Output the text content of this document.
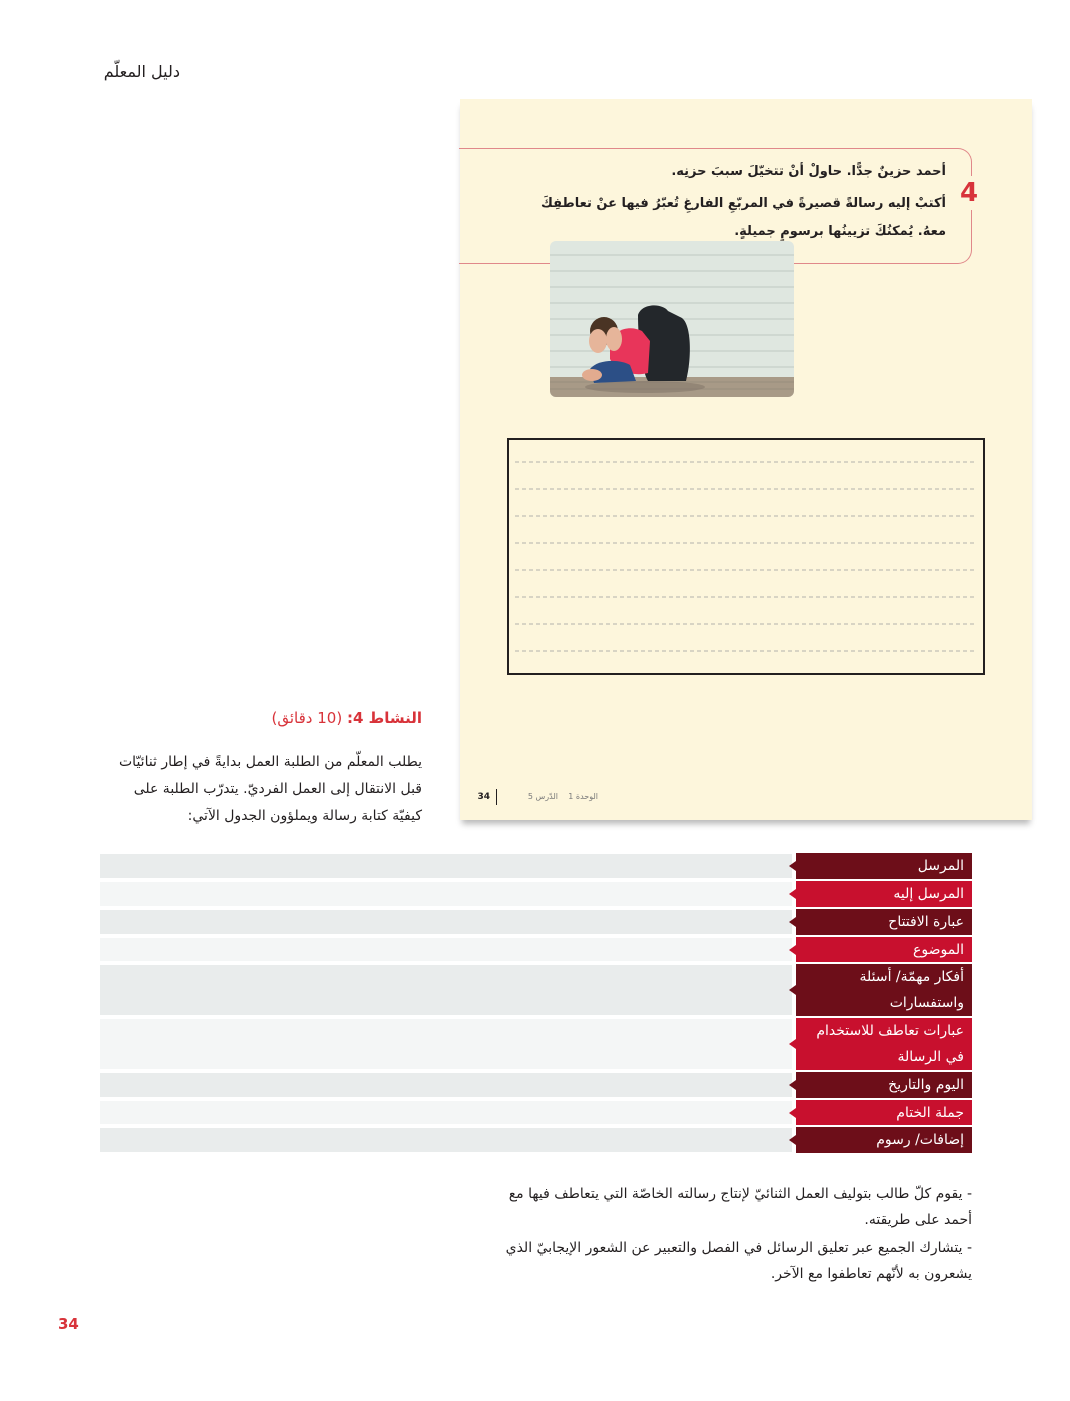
دليل المعلّم
4

أحمد حزينٌ جدًّا. حاولْ أنْ تتخيّلَ سببَ حزنِه.

أكتبْ إليه رسالةً قصيرةً في المربّعِ الفارغِ تُعبّرُ فيها عنْ تعاطفِكَ معهُ. يُمكنُكَ تزيينُها برسومٍ جميلةٍ.

34	الوحدة 1
الدّرس 5
النشاط 4: (10 دقائق)
يطلب المعلّم من الطلبة العمل بدايةً في إطار ثنائيّات قبل الانتقال إلى العمل الفرديّ. يتدرّب الطلبة على كيفيّة كتابة رسالة ويملؤون الجدول الآتي:
المرسل
المرسل إليه
عبارة الافتتاح
الموضوع
أفكار مهمّة/ أسئلة واستفسارات
عبارات تعاطف للاستخدام في الرسالة
اليوم والتاريخ
جملة الختام
إضافات/ رسوم

- يقوم كلّ طالب بتوليف العمل الثنائيّ لإنتاج رسالته الخاصّة التي يتعاطف فيها مع أحمد على طريقته.

- يتشارك الجميع عبر تعليق الرسائل في الفصل والتعبير عن الشعور الإيجابيّ الذي يشعرون به لأنّهم تعاطفوا مع الآخر.

34
